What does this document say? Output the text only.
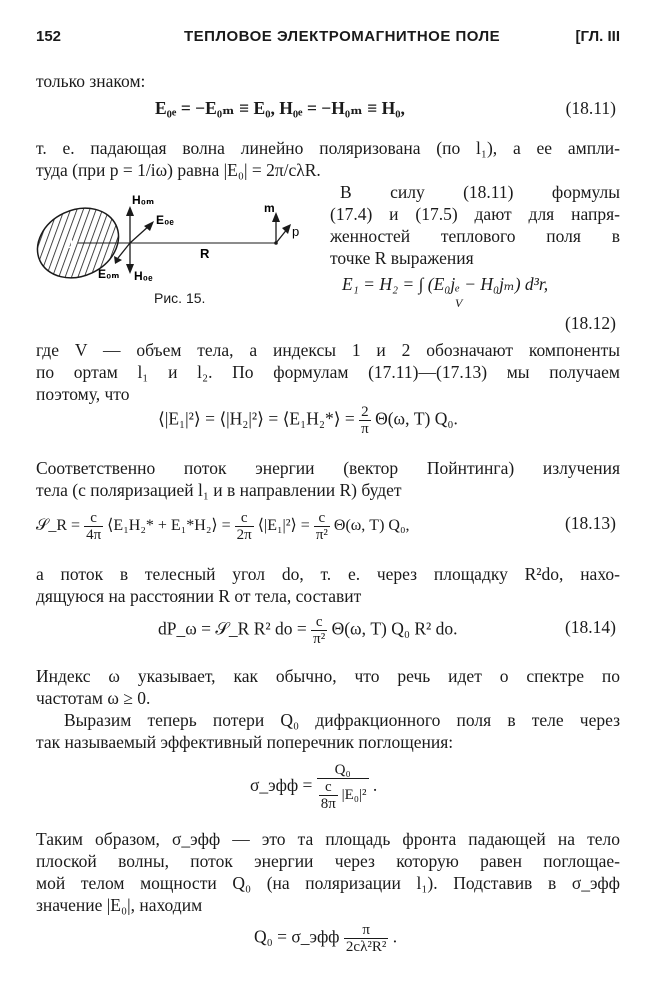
152	ТЕПЛОВОЕ ЭЛЕКТРОМАГНИТНОЕ ПОЛЕ	[ГЛ. III
только знаком:
E₀ₑ = −E₀ₘ ≡ E₀, H₀ₑ = −H₀ₘ ≡ H₀,	(18.11)
т. е. падающая волна линейно поляризована (по l₁), а ее ампли-
туда (при p = 1/iω) равна |E₀| = 2π/cλR.
0
H₀ₘ
E₀ₑ
E₀ₘ H₀ₑ
R
m
p
Рис. 15.
В силу (18.11) формулы
(17.4) и (17.5) дают для напря-
женностей теплового поля в
точке R выражения
E₁ = H₂ = ∫ (E₀jₑ − H₀jₘ) d³r,
V
(18.12)
где V — объем тела, а индексы 1 и 2 обозначают компоненты
по ортам l₁ и l₂. По формулам (17.11)—(17.13) мы получаем
поэтому, что
⟨|E₁|²⟩ = ⟨|H₂|²⟩ = ⟨E₁H₂*⟩ = $\frac{2}{\pi} \Theta(\omega$, T) Q₀.
Соответственно поток энергии (вектор Пойнтинга) излучения
тела (с поляризацией l₁ и в направлении R) будет
𝒮_R = $\frac{c}{4\pi}$ ⟨E₁H₂* + E₁*H₂⟩ = $\frac{c}{2\pi}$ ⟨|E₁|²⟩ = $\frac{c}{\text{π²}} \Theta(\omega$, T) Q₀,	(18.13)
а поток в телесный угол do, т. е. через площадку R²do, нахо-
дящуюся на расстоянии R от тела, составит
dP_ω = 𝒮_R R² do = $\frac{c}{\text{π²}} \Theta(\omega$, T) Q₀ R² do.	(18.14)
Индекс ω указывает, как обычно, что речь идет о спектре по
частотам ω ≥ 0.
Выразим теперь потери Q₀ дифракционного поля в теле через
так называемый эффективный поперечник поглощения:
σ_эфф = $\frac{\text{Q₀}}{\frac{c}{8\pi} |E_0|^2}$ .
Таким образом, σ_эфф — это та площадь фронта падающей на тело
плоской волны, поток энергии через которую равен поглощае-
мой телом мощности Q₀ (на поляризации l₁). Подставив в σ_эфф
значение |E₀|, находим
Q₀ = σ_эфф $\frac{\pi}{\text{2cλ²R²}}$ .
